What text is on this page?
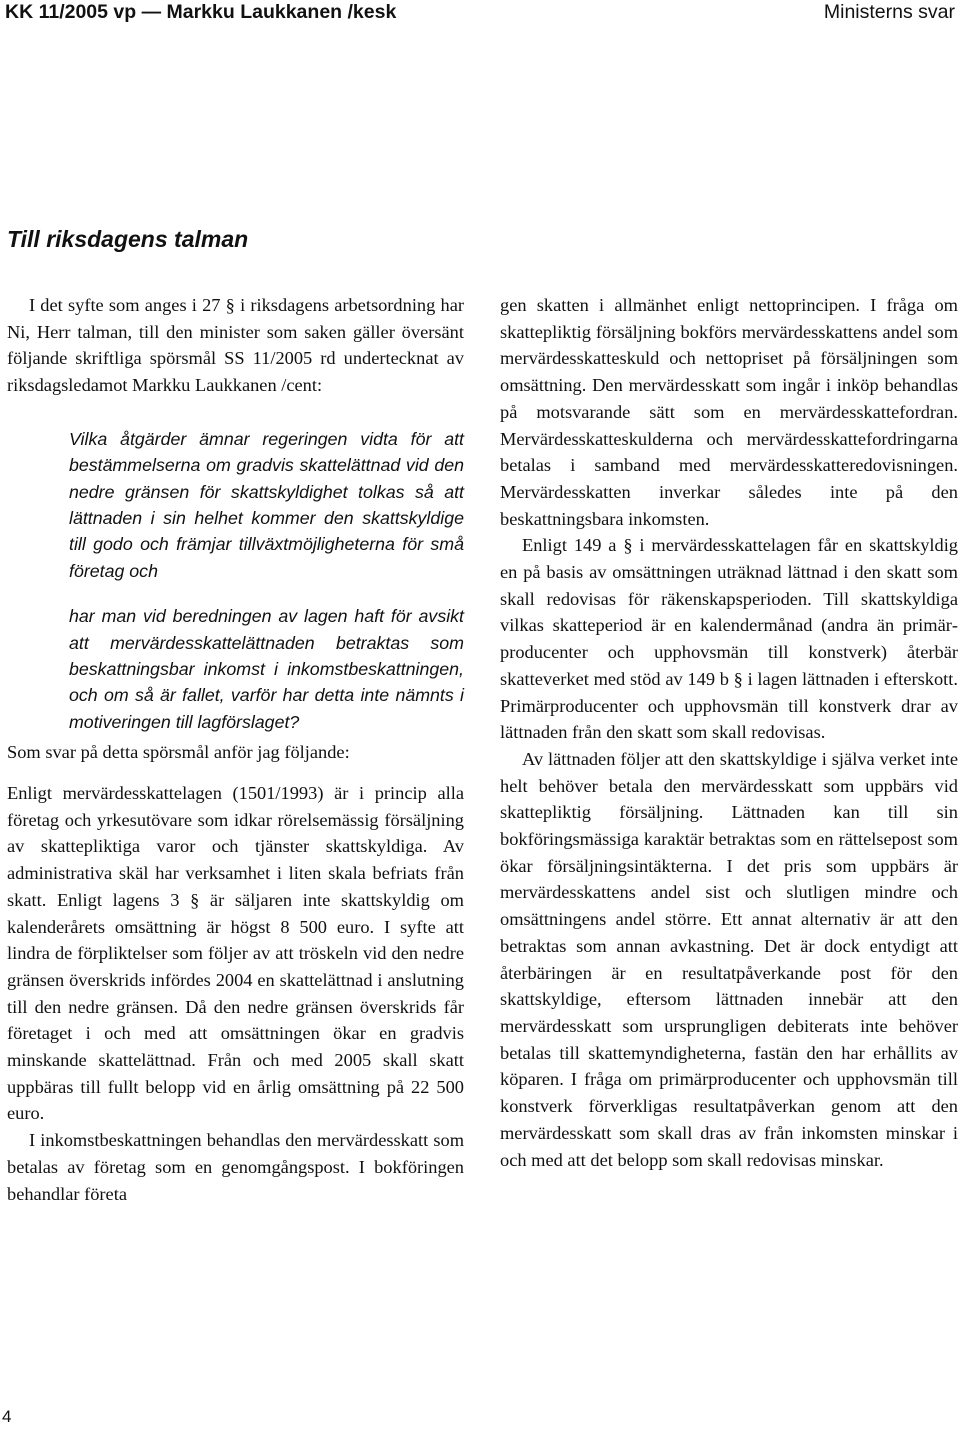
KK 11/2005 vp — Markku Laukkanen /kesk	Ministerns svar
Till riksdagens talman

I det syfte som anges i 27 § i riksdagens arbetsordning har Ni, Herr talman, till den minister som saken gäller översänt följande skriftliga spörsmål SS 11/2005 rd undertecknat av riksdagsledamot Markku Laukkanen /cent:

Vilka åtgärder ämnar regeringen vidta för att bestämmelserna om gradvis skattelättnad vid den nedre gränsen för skattskyldighet tolkas så att lättnaden i sin helhet kommer den skattskyldige till godo och främjar tillväxtmöjligheterna för små företag och

har man vid beredningen av lagen haft för avsikt att mervärdesskattelättnaden betraktas som beskattningsbar inkomst i inkomstbeskattningen, och om så är fallet, varför har detta inte nämnts i motiveringen till lagförslaget?

Som svar på detta spörsmål anför jag följande:

Enligt mervärdesskattelagen (1501/1993) är i princip alla företag och yrkesutövare som idkar rörelsemässig försäljning av skattepliktiga varor och tjänster skattskyldiga. Av administrativa skäl har verksamhet i liten skala befriats från skatt. Enligt lagens 3 § är säljaren inte skattskyldig om kalenderårets omsättning är högst 8 500 euro. I syfte att lindra de förpliktelser som följer av att tröskeln vid den nedre gränsen överskrids infördes 2004 en skattelättnad i anslutning till den nedre gränsen. Då den nedre gränsen överskrids får företaget i och med att omsättningen ökar en gradvis minskande skattelättnad. Från och med 2005 skall skatt uppbäras till fullt belopp vid en årlig omsättning på 22 500 euro.

I inkomstbeskattningen behandlas den mervärdesskatt som betalas av företag som en genomgångspost. I bokföringen behandlar företa

gen skatten i allmänhet enligt nettoprincipen. I fråga om skattepliktig försäljning bokförs mervärdesskattens andel som mervärdesskatteskuld och nettopriset på försäljningen som omsättning. Den mervärdesskatt som ingår i inköp behandlas på motsvarande sätt som en mervärdesskattefordran. Mervärdesskatteskulderna och mervärdesskattefordringarna betalas i samband med mervärdesskatteredovisningen. Mervärdesskatten inverkar således inte på den beskattningsbara inkomsten.

Enligt 149 a § i mervärdesskattelagen får en skattskyldig en på basis av omsättningen uträknad lättnad i den skatt som skall redovisas för räkenskapsperioden. Till skattskyldiga vilkas skatteperiod är en kalendermånad (andra än primärproducenter och upphovsmän till konstverk) återbär skatteverket med stöd av 149 b § i lagen lättnaden i efterskott. Primärproducenter och upphovsmän till konstverk drar av lättnaden från den skatt som skall redovisas.

Av lättnaden följer att den skattskyldige i själva verket inte helt behöver betala den mervärdesskatt som uppbärs vid skattepliktig försäljning. Lättnaden kan till sin bokföringsmässiga karaktär betraktas som en rättelsepost som ökar försäljningsintäkterna. I det pris som uppbärs är mervärdesskattens andel sist och slutligen mindre och omsättningens andel större. Ett annat alternativ är att den betraktas som annan avkastning. Det är dock entydigt att återbäringen är en resultatpåverkande post för den skattskyldige, eftersom lättnaden innebär att den mervärdesskatt som ursprungligen debiterats inte behöver betalas till skattemyndigheterna, fastän den har erhållits av köparen. I fråga om primärproducenter och upphovsmän till konstverk förverkligas resultatpåverkan genom att den mervärdesskatt som skall dras av från inkomsten minskar i och med att det belopp som skall redovisas minskar.

4
